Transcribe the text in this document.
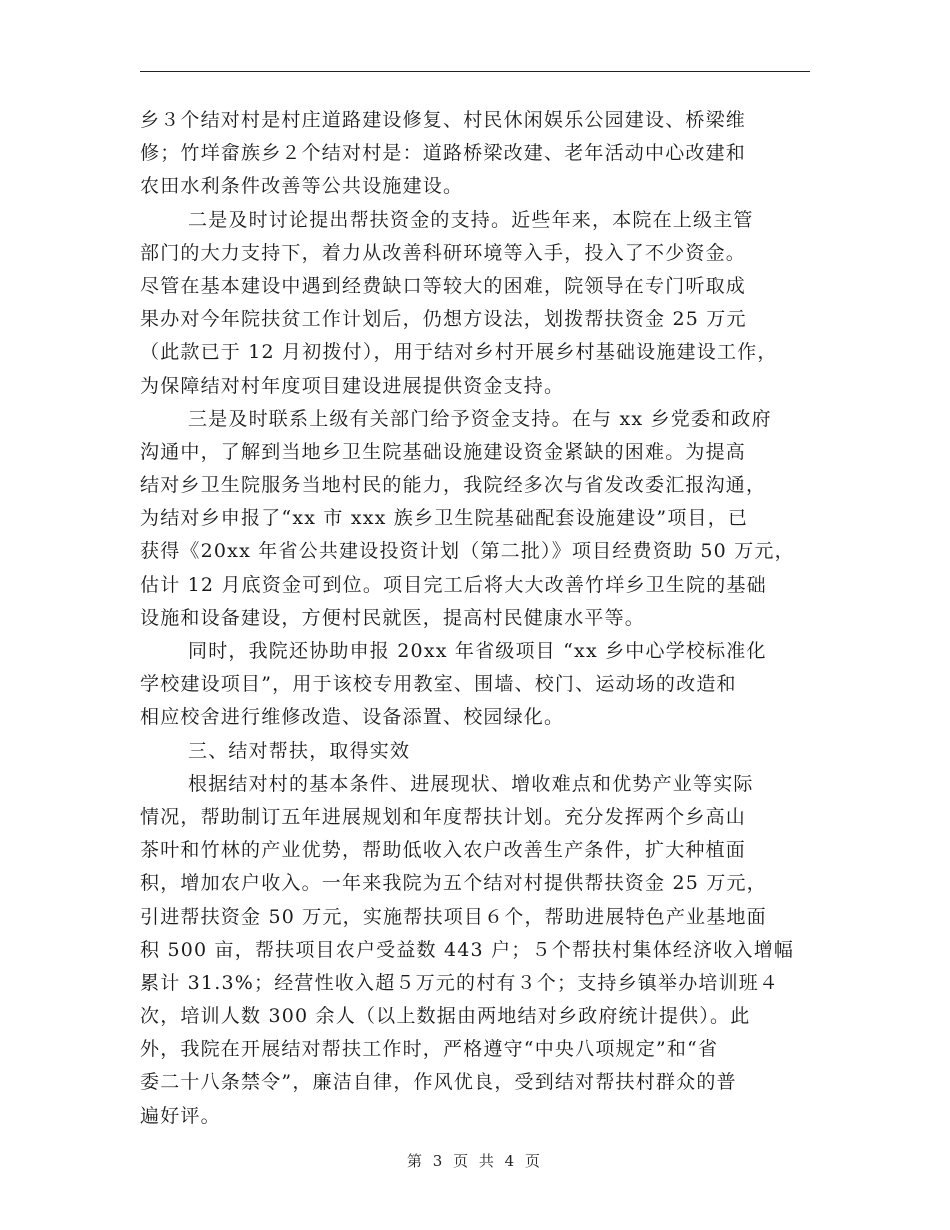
乡３个结对村是村庄道路建设修复、村民休闲娱乐公园建设、桥梁维
修；竹垟畲族乡２个结对村是：道路桥梁改建、老年活动中心改建和
农田水利条件改善等公共设施建设。
二是及时讨论提出帮扶资金的支持。近些年来，本院在上级主管
部门的大力支持下，着力从改善科研环境等入手，投入了不少资金。
尽管在基本建设中遇到经费缺口等较大的困难，院领导在专门听取成
果办对今年院扶贫工作计划后，仍想方设法，划拨帮扶资金 25 万元
（此款已于 12 月初拨付），用于结对乡村开展乡村基础设施建设工作，
为保障结对村年度项目建设进展提供资金支持。
三是及时联系上级有关部门给予资金支持。在与 xx 乡党委和政府
沟通中，了解到当地乡卫生院基础设施建设资金紧缺的困难。为提高
结对乡卫生院服务当地村民的能力，我院经多次与省发改委汇报沟通，
为结对乡申报了“xx 市 xxx 族乡卫生院基础配套设施建设”项目，已
获得《20xx 年省公共建设投资计划（第二批）》项目经费资助 50 万元，
估计 12 月底资金可到位。项目完工后将大大改善竹垟乡卫生院的基础
设施和设备建设，方便村民就医，提高村民健康水平等。
同时，我院还协助申报 20xx 年省级项目 “xx 乡中心学校标准化
学校建设项目”，用于该校专用教室、围墙、校门、运动场的改造和
相应校舍进行维修改造、设备添置、校园绿化。
三、结对帮扶，取得实效
根据结对村的基本条件、进展现状、增收难点和优势产业等实际
情况，帮助制订五年进展规划和年度帮扶计划。充分发挥两个乡高山
茶叶和竹林的产业优势，帮助低收入农户改善生产条件，扩大种植面
积，增加农户收入。一年来我院为五个结对村提供帮扶资金 25 万元，
引进帮扶资金 50 万元，实施帮扶项目６个，帮助进展特色产业基地面
积 500 亩，帮扶项目农户受益数 443 户；５个帮扶村集体经济收入增幅
累计 31.3%；经营性收入超５万元的村有３个；支持乡镇举办培训班４
次，培训人数 300 余人（以上数据由两地结对乡政府统计提供）。此
外，我院在开展结对帮扶工作时，严格遵守“中央八项规定”和“省
委二十八条禁令”，廉洁自律，作风优良，受到结对帮扶村群众的普
遍好评。
第 3 页 共 4 页
